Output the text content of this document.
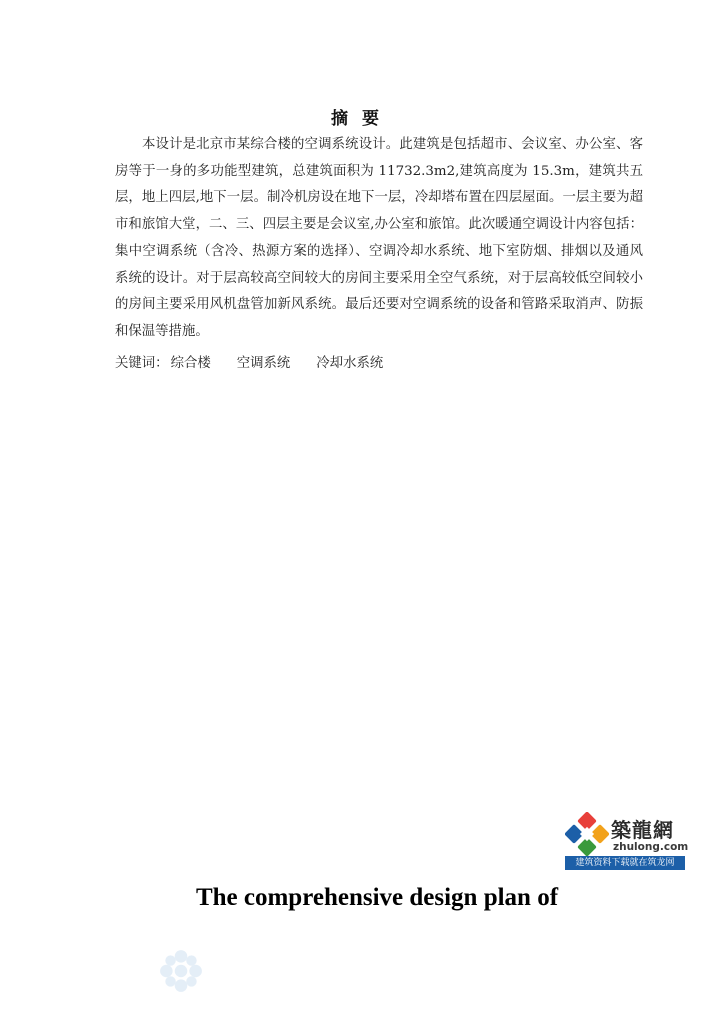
摘要

本设计是北京市某综合楼的空调系统设计。此建筑是包括超市、会议室、办公室、客房等于一身的多功能型建筑，总建筑面积为 11732.3m2,建筑高度为 15.3m，建筑共五层，地上四层,地下一层。制冷机房设在地下一层，冷却塔布置在四层屋面。一层主要为超市和旅馆大堂，二、三、四层主要是会议室,办公室和旅馆。此次暖通空调设计内容包括：集中空调系统（含冷、热源方案的选择）、空调冷却水系统、地下室防烟、排烟以及通风系统的设计。对于层高较高空间较大的房间主要采用全空气系统，对于层高较低空间较小的房间主要采用风机盘管加新风系统。最后还要对空调系统的设备和管路采取消声、防振和保温等措施。

关键词： 综合楼 空调系统 冷却水系统
築龍網
zhulong.com
建筑资料下载就在筑龙网
The comprehensive design plan of
